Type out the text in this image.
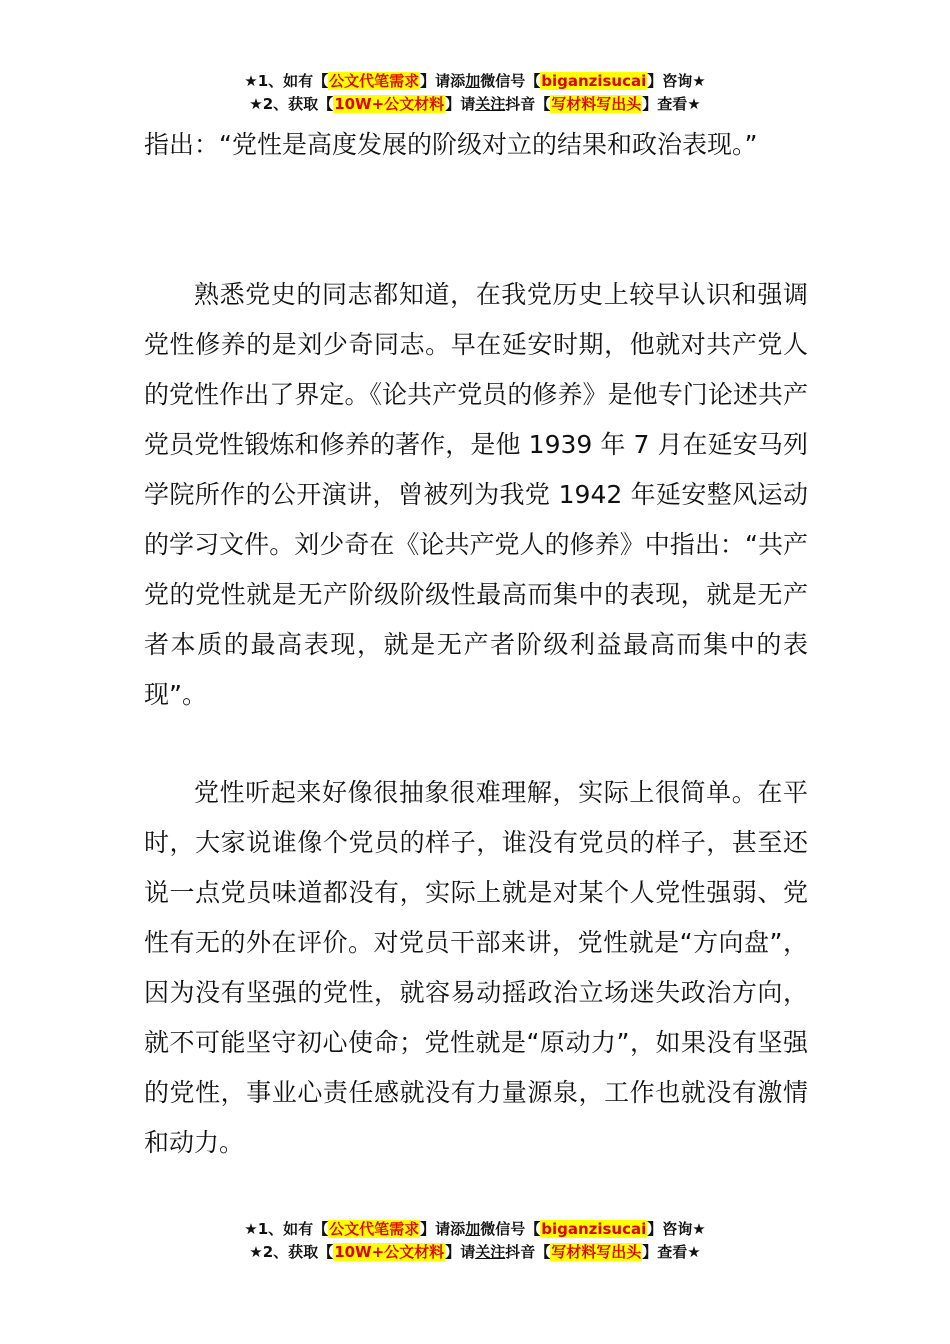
★1、如有【公文代笔需求】请添加微信号【biganzisucai】咨询★
★2、获取【10W+公文材料】请关注抖音【写材料写出头】查看★

指出：“党性是高度发展的阶级对立的结果和政治表现。”

熟悉党史的同志都知道，在我党历史上较早认识和强调党性修养的是刘少奇同志。早在延安时期，他就对共产党人的党性作出了界定。《论共产党员的修养》是他专门论述共产党员党性锻炼和修养的著作，是他 1939 年 7 月在延安马列学院所作的公开演讲，曾被列为我党 1942 年延安整风运动的学习文件。刘少奇在《论共产党人的修养》中指出：“共产党的党性就是无产阶级阶级性最高而集中的表现，就是无产者本质的最高表现，就是无产者阶级利益最高而集中的表现”。

党性听起来好像很抽象很难理解，实际上很简单。在平时，大家说谁像个党员的样子，谁没有党员的样子，甚至还说一点党员味道都没有，实际上就是对某个人党性强弱、党性有无的外在评价。对党员干部来讲，党性就是“方向盘”，因为没有坚强的党性，就容易动摇政治立场迷失政治方向，就不可能坚守初心使命；党性就是“原动力”，如果没有坚强的党性，事业心责任感就没有力量源泉，工作也就没有激情和动力。

★1、如有【公文代笔需求】请添加微信号【biganzisucai】咨询★
★2、获取【10W+公文材料】请关注抖音【写材料写出头】查看★
